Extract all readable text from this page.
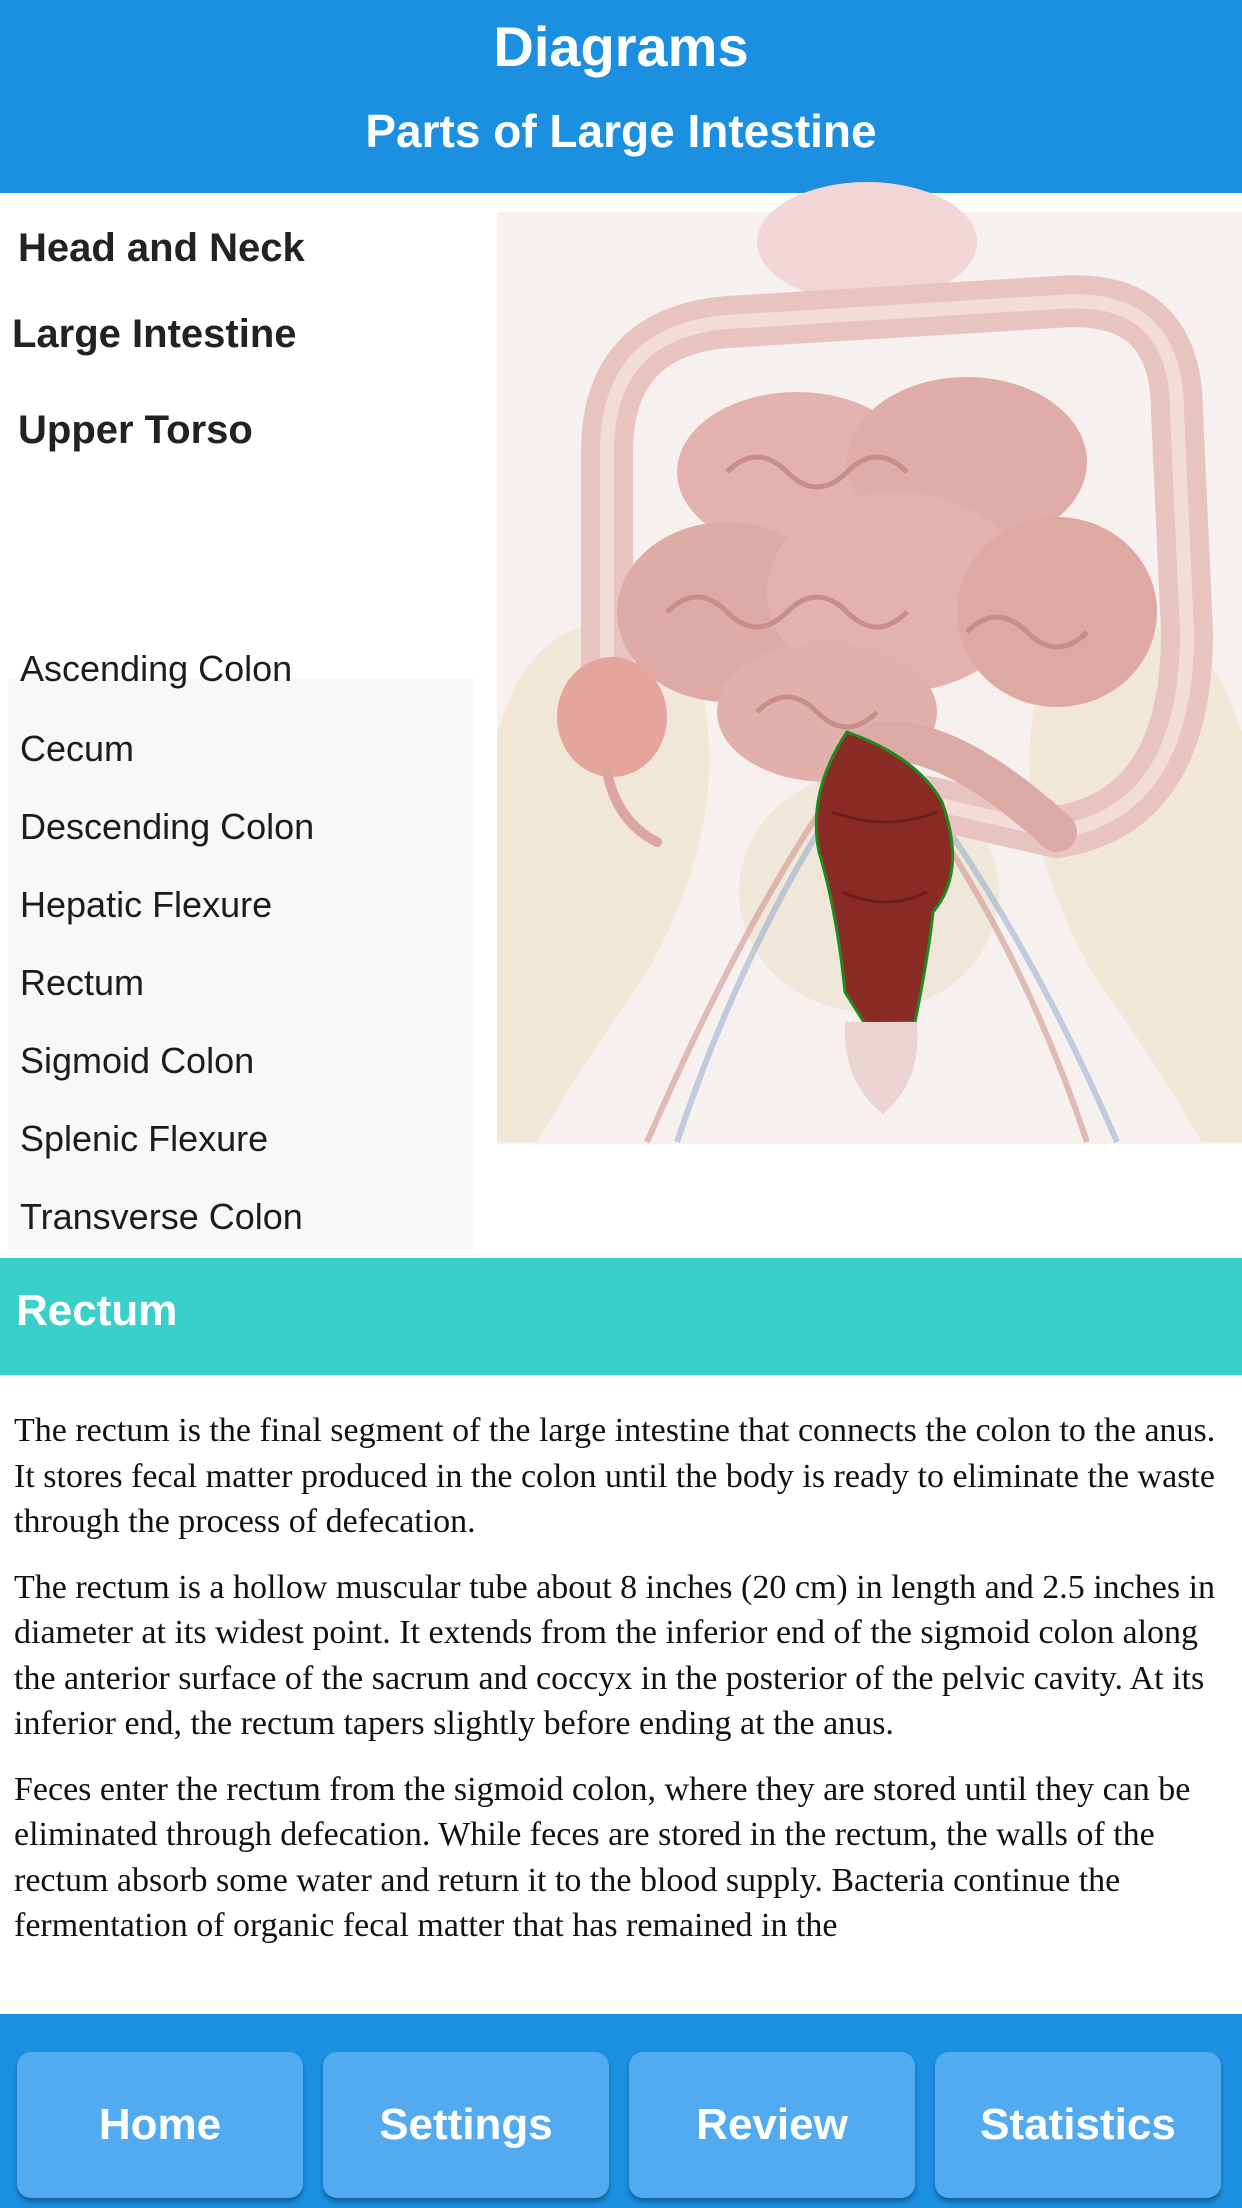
Diagrams
Parts of Large Intestine
Head and Neck
Large Intestine
Upper Torso
Ascending Colon
Cecum
Descending Colon
Hepatic Flexure
Rectum
Sigmoid Colon
Splenic Flexure
Transverse Colon
Rectum

The rectum is the final segment of the large intestine that connects the colon to the anus. It stores fecal matter produced in the colon until the body is ready to eliminate the waste through the process of defecation.

The rectum is a hollow muscular tube about 8 inches (20 cm) in length and 2.5 inches in diameter at its widest point. It extends from the inferior end of the sigmoid colon along the anterior surface of the sacrum and coccyx in the posterior of the pelvic cavity. At its inferior end, the rectum tapers slightly before ending at the anus.

Feces enter the rectum from the sigmoid colon, where they are stored until they can be eliminated through defecation. While feces are stored in the rectum, the walls of the rectum absorb some water and return it to the blood supply. Bacteria continue the fermentation of organic fecal matter that has remained in the

Home	Settings	Review	Statistics
